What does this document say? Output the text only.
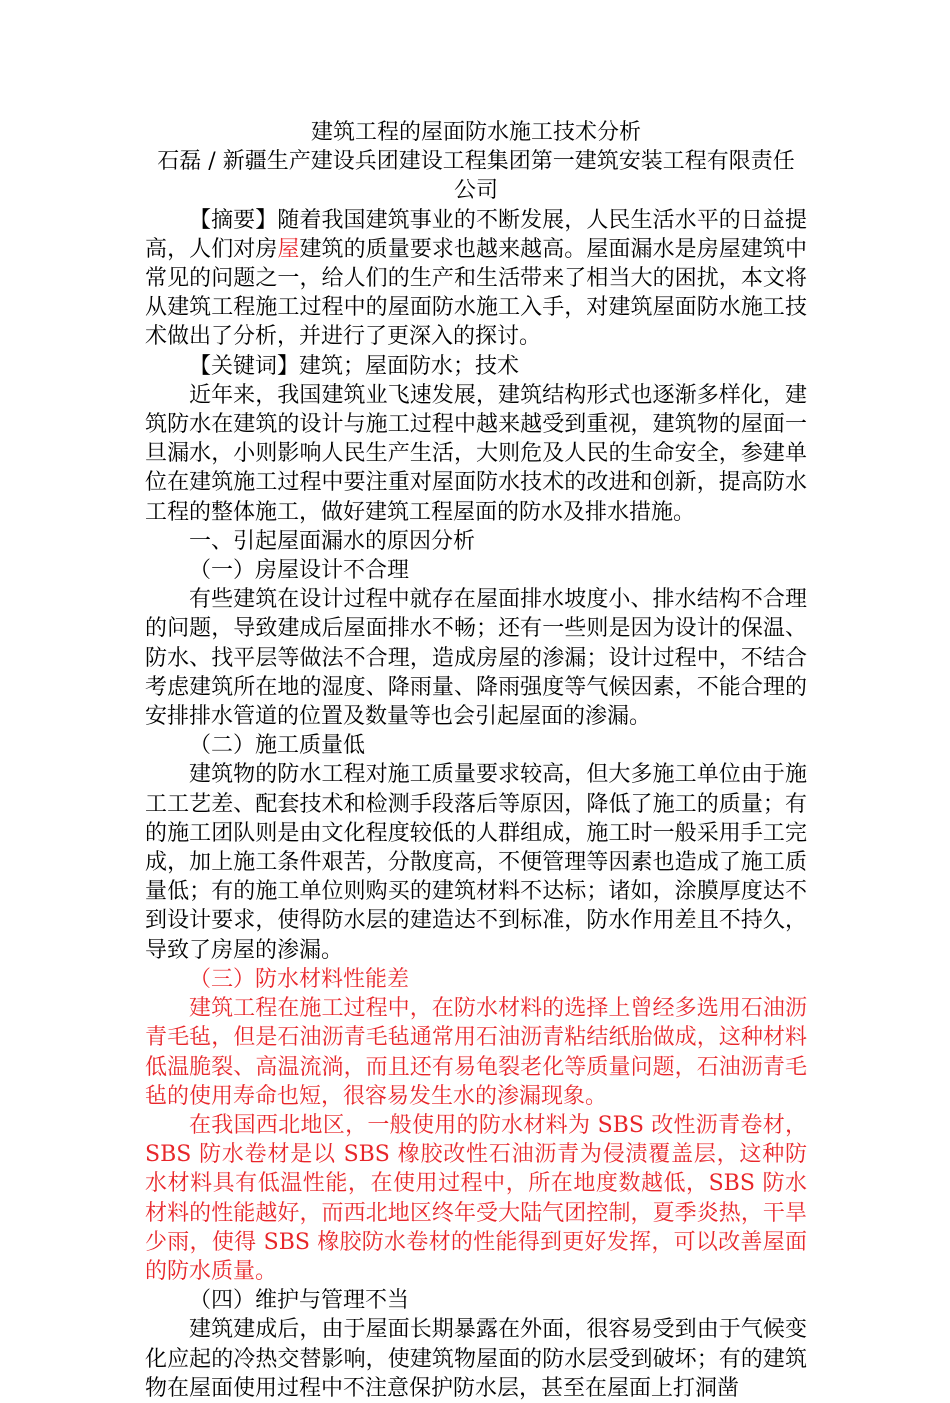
建筑工程的屋面防水施工技术分析

石磊 / 新疆生产建设兵团建设工程集团第一建筑安装工程有限责任
公司

【摘要】随着我国建筑事业的不断发展，人民生活水平的日益提高，人们对房屋建筑的质量要求也越来越高。屋面漏水是房屋建筑中常见的问题之一，给人们的生产和生活带来了相当大的困扰，本文将从建筑工程施工过程中的屋面防水施工入手，对建筑屋面防水施工技术做出了分析，并进行了更深入的探讨。

【关键词】建筑；屋面防水；技术

近年来，我国建筑业飞速发展，建筑结构形式也逐渐多样化，建筑防水在建筑的设计与施工过程中越来越受到重视，建筑物的屋面一旦漏水，小则影响人民生产生活，大则危及人民的生命安全，参建单位在建筑施工过程中要注重对屋面防水技术的改进和创新，提高防水工程的整体施工，做好建筑工程屋面的防水及排水措施。

一、引起屋面漏水的原因分析

（一）房屋设计不合理

有些建筑在设计过程中就存在屋面排水坡度小、排水结构不合理的问题，导致建成后屋面排水不畅；还有一些则是因为设计的保温、防水、找平层等做法不合理，造成房屋的渗漏；设计过程中，不结合考虑建筑所在地的湿度、降雨量、降雨强度等气候因素，不能合理的安排排水管道的位置及数量等也会引起屋面的渗漏。

（二）施工质量低

建筑物的防水工程对施工质量要求较高，但大多施工单位由于施工工艺差、配套技术和检测手段落后等原因，降低了施工的质量；有的施工团队则是由文化程度较低的人群组成，施工时一般采用手工完成，加上施工条件艰苦，分散度高，不便管理等因素也造成了施工质量低；有的施工单位则购买的建筑材料不达标；诸如，涂膜厚度达不到设计要求，使得防水层的建造达不到标准，防水作用差且不持久，导致了房屋的渗漏。

（三）防水材料性能差

建筑工程在施工过程中，在防水材料的选择上曾经多选用石油沥青毛毡，但是石油沥青毛毡通常用石油沥青粘结纸胎做成，这种材料低温脆裂、高温流淌，而且还有易龟裂老化等质量问题，石油沥青毛毡的使用寿命也短，很容易发生水的渗漏现象。

在我国西北地区，一般使用的防水材料为 SBS 改性沥青卷材，SBS 防水卷材是以 SBS 橡胶改性石油沥青为侵渍覆盖层，这种防水材料具有低温性能，在使用过程中，所在地度数越低，SBS 防水材料的性能越好，而西北地区终年受大陆气团控制，夏季炎热，干旱少雨，使得 SBS 橡胶防水卷材的性能得到更好发挥，可以改善屋面的防水质量。

（四）维护与管理不当

建筑建成后，由于屋面长期暴露在外面，很容易受到由于气候变化应起的冷热交替影响，使建筑物屋面的防水层受到破坏；有的建筑物在屋面使用过程中不注意保护防水层，甚至在屋面上打洞凿
